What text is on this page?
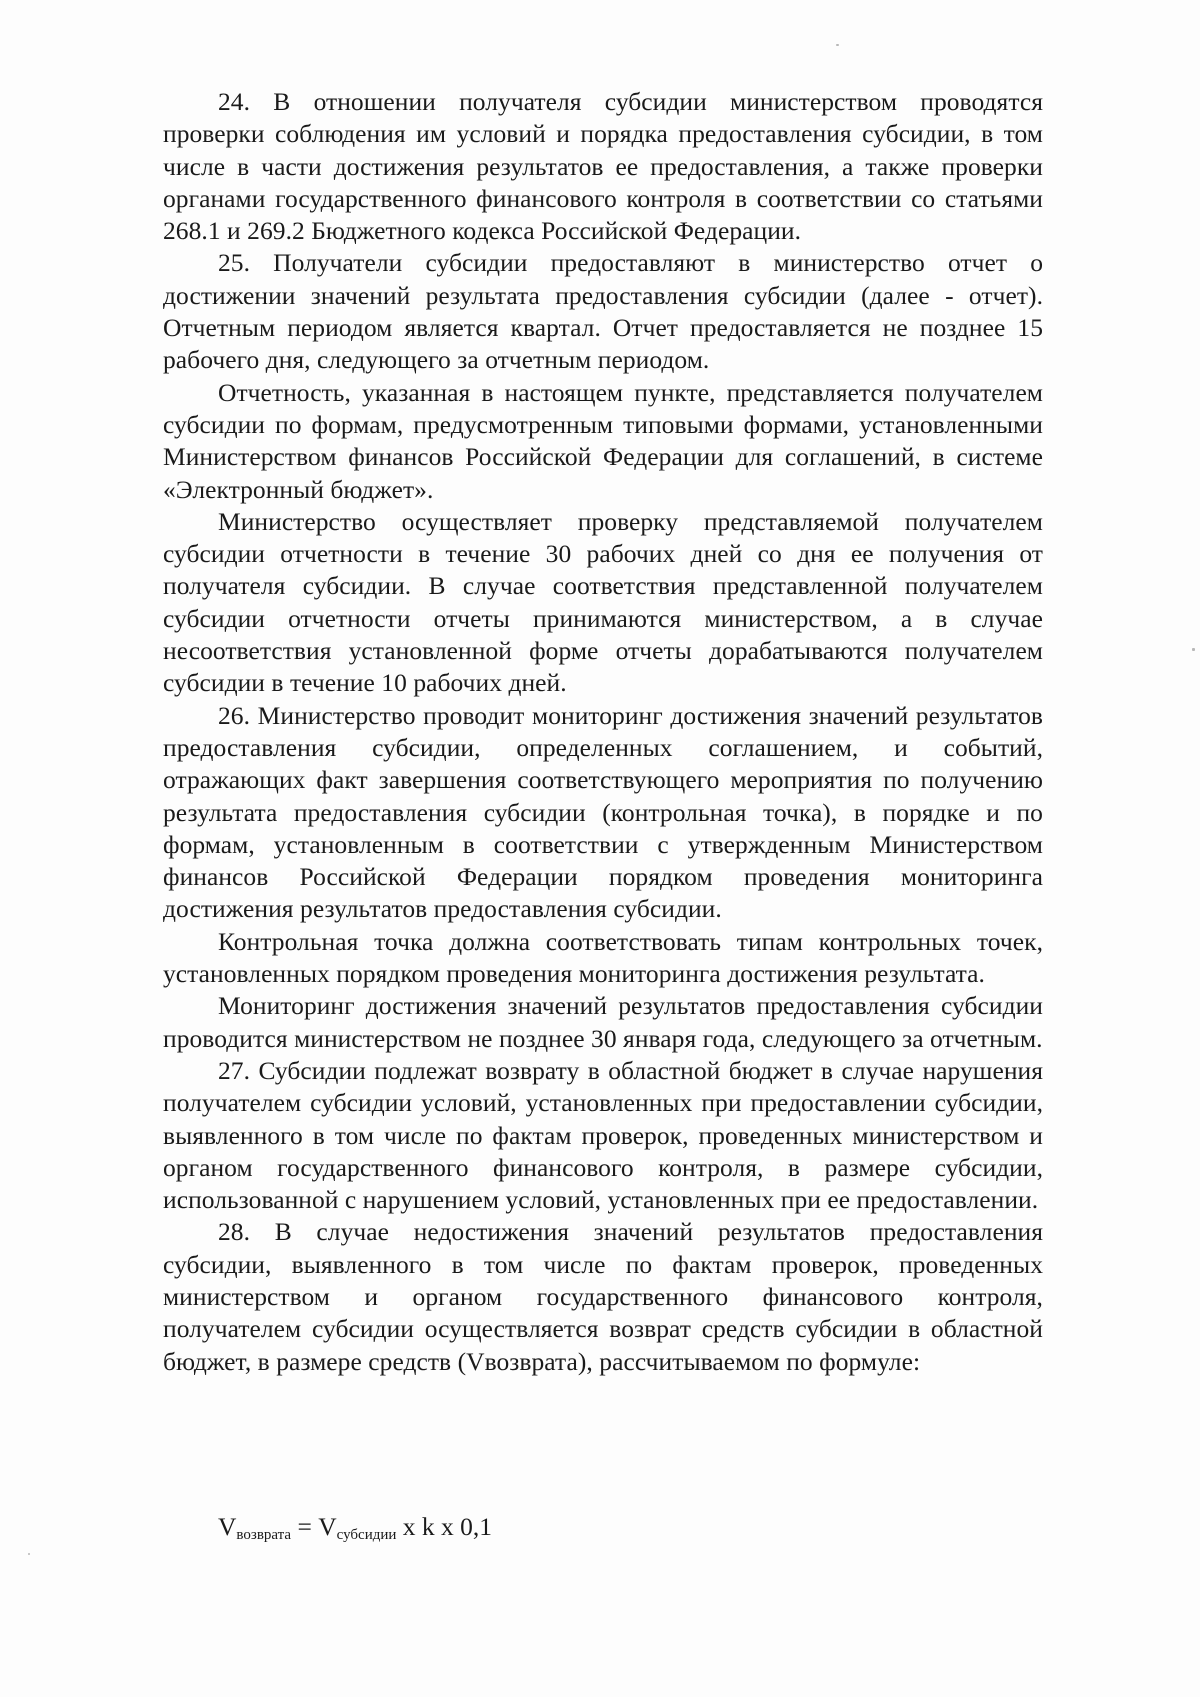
24. В отношении получателя субсидии министерством проводятся проверки соблюдения им условий и порядка предоставления субсидии, в том числе в части достижения результатов ее предоставления, а также проверки органами государственного финансового контроля в соответствии со статьями 268.1 и 269.2 Бюджетного кодекса Российской Федерации.

25. Получатели субсидии предоставляют в министерство отчет о достижении значений результата предоставления субсидии (далее - отчет). Отчетным периодом является квартал. Отчет предоставляется не позднее 15 рабочего дня, следующего за отчетным периодом.

Отчетность, указанная в настоящем пункте, представляется получателем субсидии по формам, предусмотренным типовыми формами, установленными Министерством финансов Российской Федерации для соглашений, в системе «Электронный бюджет».

Министерство осуществляет проверку представляемой получателем субсидии отчетности в течение 30 рабочих дней со дня ее получения от получателя субсидии. В случае соответствия представленной получателем субсидии отчетности отчеты принимаются министерством, а в случае несоответствия установленной форме отчеты дорабатываются получателем субсидии в течение 10 рабочих дней.

26. Министерство проводит мониторинг достижения значений результатов предоставления субсидии, определенных соглашением, и событий, отражающих факт завершения соответствующего мероприятия по получению результата предоставления субсидии (контрольная точка), в порядке и по формам, установленным в соответствии с утвержденным Министерством финансов Российской Федерации порядком проведения мониторинга достижения результатов предоставления субсидии.

Контрольная точка должна соответствовать типам контрольных точек, установленных порядком проведения мониторинга достижения результата.

Мониторинг достижения значений результатов предоставления субсидии проводится министерством не позднее 30 января года, следующего за отчетным.

27. Субсидии подлежат возврату в областной бюджет в случае нарушения получателем субсидии условий, установленных при предоставлении субсидии, выявленного в том числе по фактам проверок, проведенных министерством и органом государственного финансового контроля, в размере субсидии, использованной с нарушением условий, установленных при ее предоставлении.

28. В случае недостижения значений результатов предоставления субсидии, выявленного в том числе по фактам проверок, проведенных министерством и органом государственного финансового контроля, получателем субсидии осуществляется возврат средств субсидии в областной бюджет, в размере средств (Vвозврата), рассчитываемом по формуле:

$V_{возврата} = V_{субсидии}$ x k x 0,1
